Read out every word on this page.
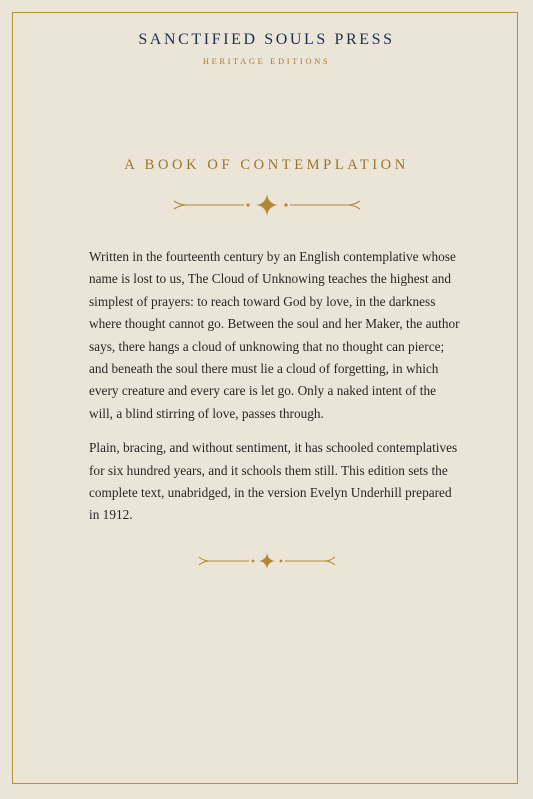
SANCTIFIED SOULS PRESS
HERITAGE EDITIONS
A BOOK OF CONTEMPLATION

Written in the fourteenth century by an English contemplative whose name is lost to us, The Cloud of Unknowing teaches the highest and simplest of prayers: to reach toward God by love, in the darkness where thought cannot go. Between the soul and her Maker, the author says, there hangs a cloud of unknowing that no thought can pierce; and beneath the soul there must lie a cloud of forgetting, in which every creature and every care is let go. Only a naked intent of the will, a blind stirring of love, passes through.

Plain, bracing, and without sentiment, it has schooled contemplatives for six hundred years, and it schools them still. This edition sets the complete text, unabridged, in the version Evelyn Underhill prepared in 1912.
